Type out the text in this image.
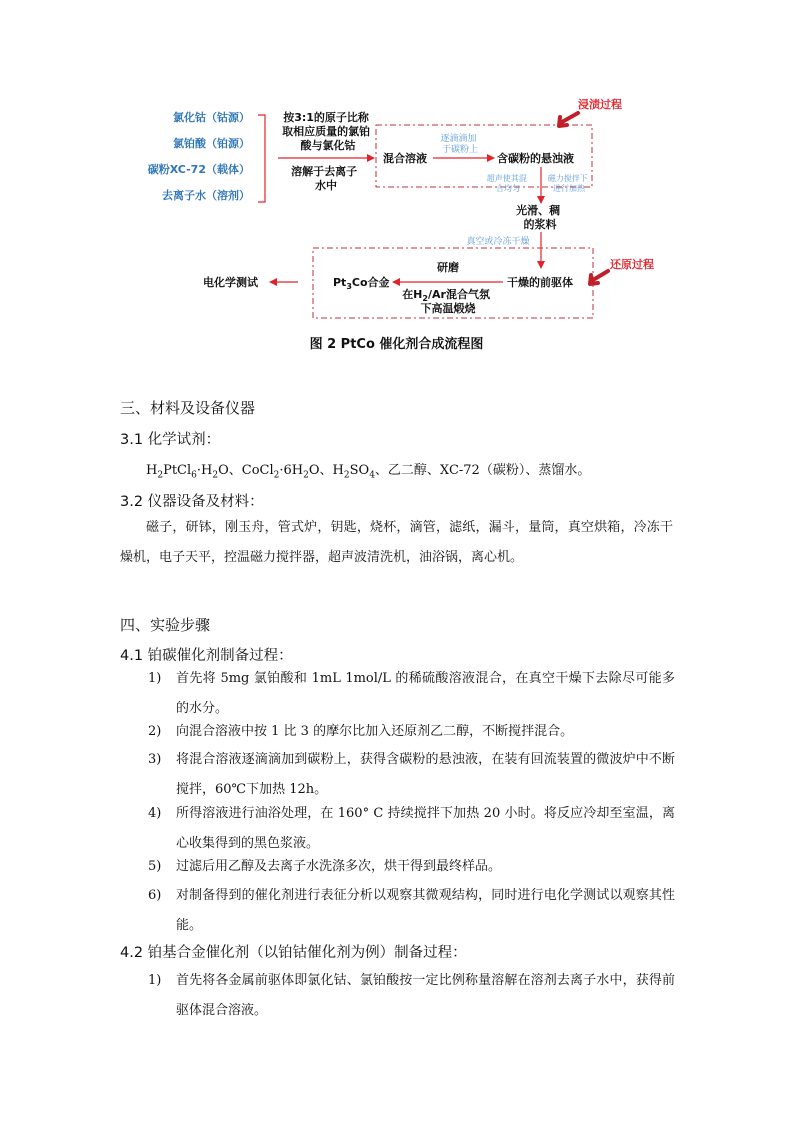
氯化钴（钴源）
氯铂酸（铂源）
碳粉XC-72（载体）
去离子水（溶剂）
按3:1的原子比称 取相应质量的氯铂 酸与氯化钴
溶解于去离子 水中
混合溶液
逐滴滴加 于碳粉上
含碳粉的悬浊液
浸渍过程
超声使其混 合均匀
磁力搅拌下 进行加热
光滑、稠 的浆料
真空或冷冻干燥
还原过程
干燥的前驱体
研磨
在$H_2/Ar$混合气氛 下高温煅烧
$Pt_3Co$合金
电化学测试
图 2 PtCo 催化剂合成流程图
三、材料及设备仪器
3.1 化学试剂：
$H_2PtCl_6\cdot H_2O$、$CoCl_2\cdot 6H_2O$、$H_2SO_4$、乙二醇、XC-72（碳粉）、蒸馏水。
3.2 仪器设备及材料：
磁子，研钵，刚玉舟，管式炉，钥匙，烧杯，滴管，滤纸，漏斗，量筒，真空烘箱，冷冻干燥机，电子天平，控温磁力搅拌器，超声波清洗机，油浴锅，离心机。
四、实验步骤
4.1 铂碳催化剂制备过程：
1)	首先将 5mg 氯铂酸和 1mL 1mol/L 的稀硫酸溶液混合，在真空干燥下去除尽可能多的水分。
2)	向混合溶液中按 1 比 3 的摩尔比加入还原剂乙二醇，不断搅拌混合。
3)	将混合溶液逐滴滴加到碳粉上，获得含碳粉的悬浊液，在装有回流装置的微波炉中不断搅拌，60℃下加热 12h。
4)	所得溶液进行油浴处理，在 160° C 持续搅拌下加热 20 小时。将反应冷却至室温，离心收集得到的黑色浆液。
5)	过滤后用乙醇及去离子水洗涤多次，烘干得到最终样品。
6)	对制备得到的催化剂进行表征分析以观察其微观结构，同时进行电化学测试以观察其性能。
4.2 铂基合金催化剂（以铂钴催化剂为例）制备过程：
1)	首先将各金属前驱体即氯化钴、氯铂酸按一定比例称量溶解在溶剂去离子水中，获得前驱体混合溶液。
